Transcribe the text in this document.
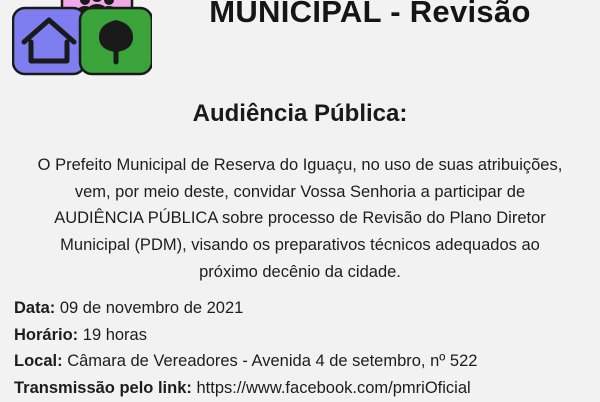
MUNICIPAL - Revisão
Audiência Pública:
O Prefeito Municipal de Reserva do Iguaçu, no uso de suas atribuições, vem, por meio deste, convidar Vossa Senhoria a participar de AUDIÊNCIA PÚBLICA sobre processo de Revisão do Plano Diretor Municipal (PDM), visando os preparativos técnicos adequados ao próximo decênio da cidade.
Data: 09 de novembro de 2021
Horário: 19 horas
Local: Câmara de Vereadores - Avenida 4 de setembro, nº 522
Transmissão pelo link: https://www.facebook.com/pmriOficial
